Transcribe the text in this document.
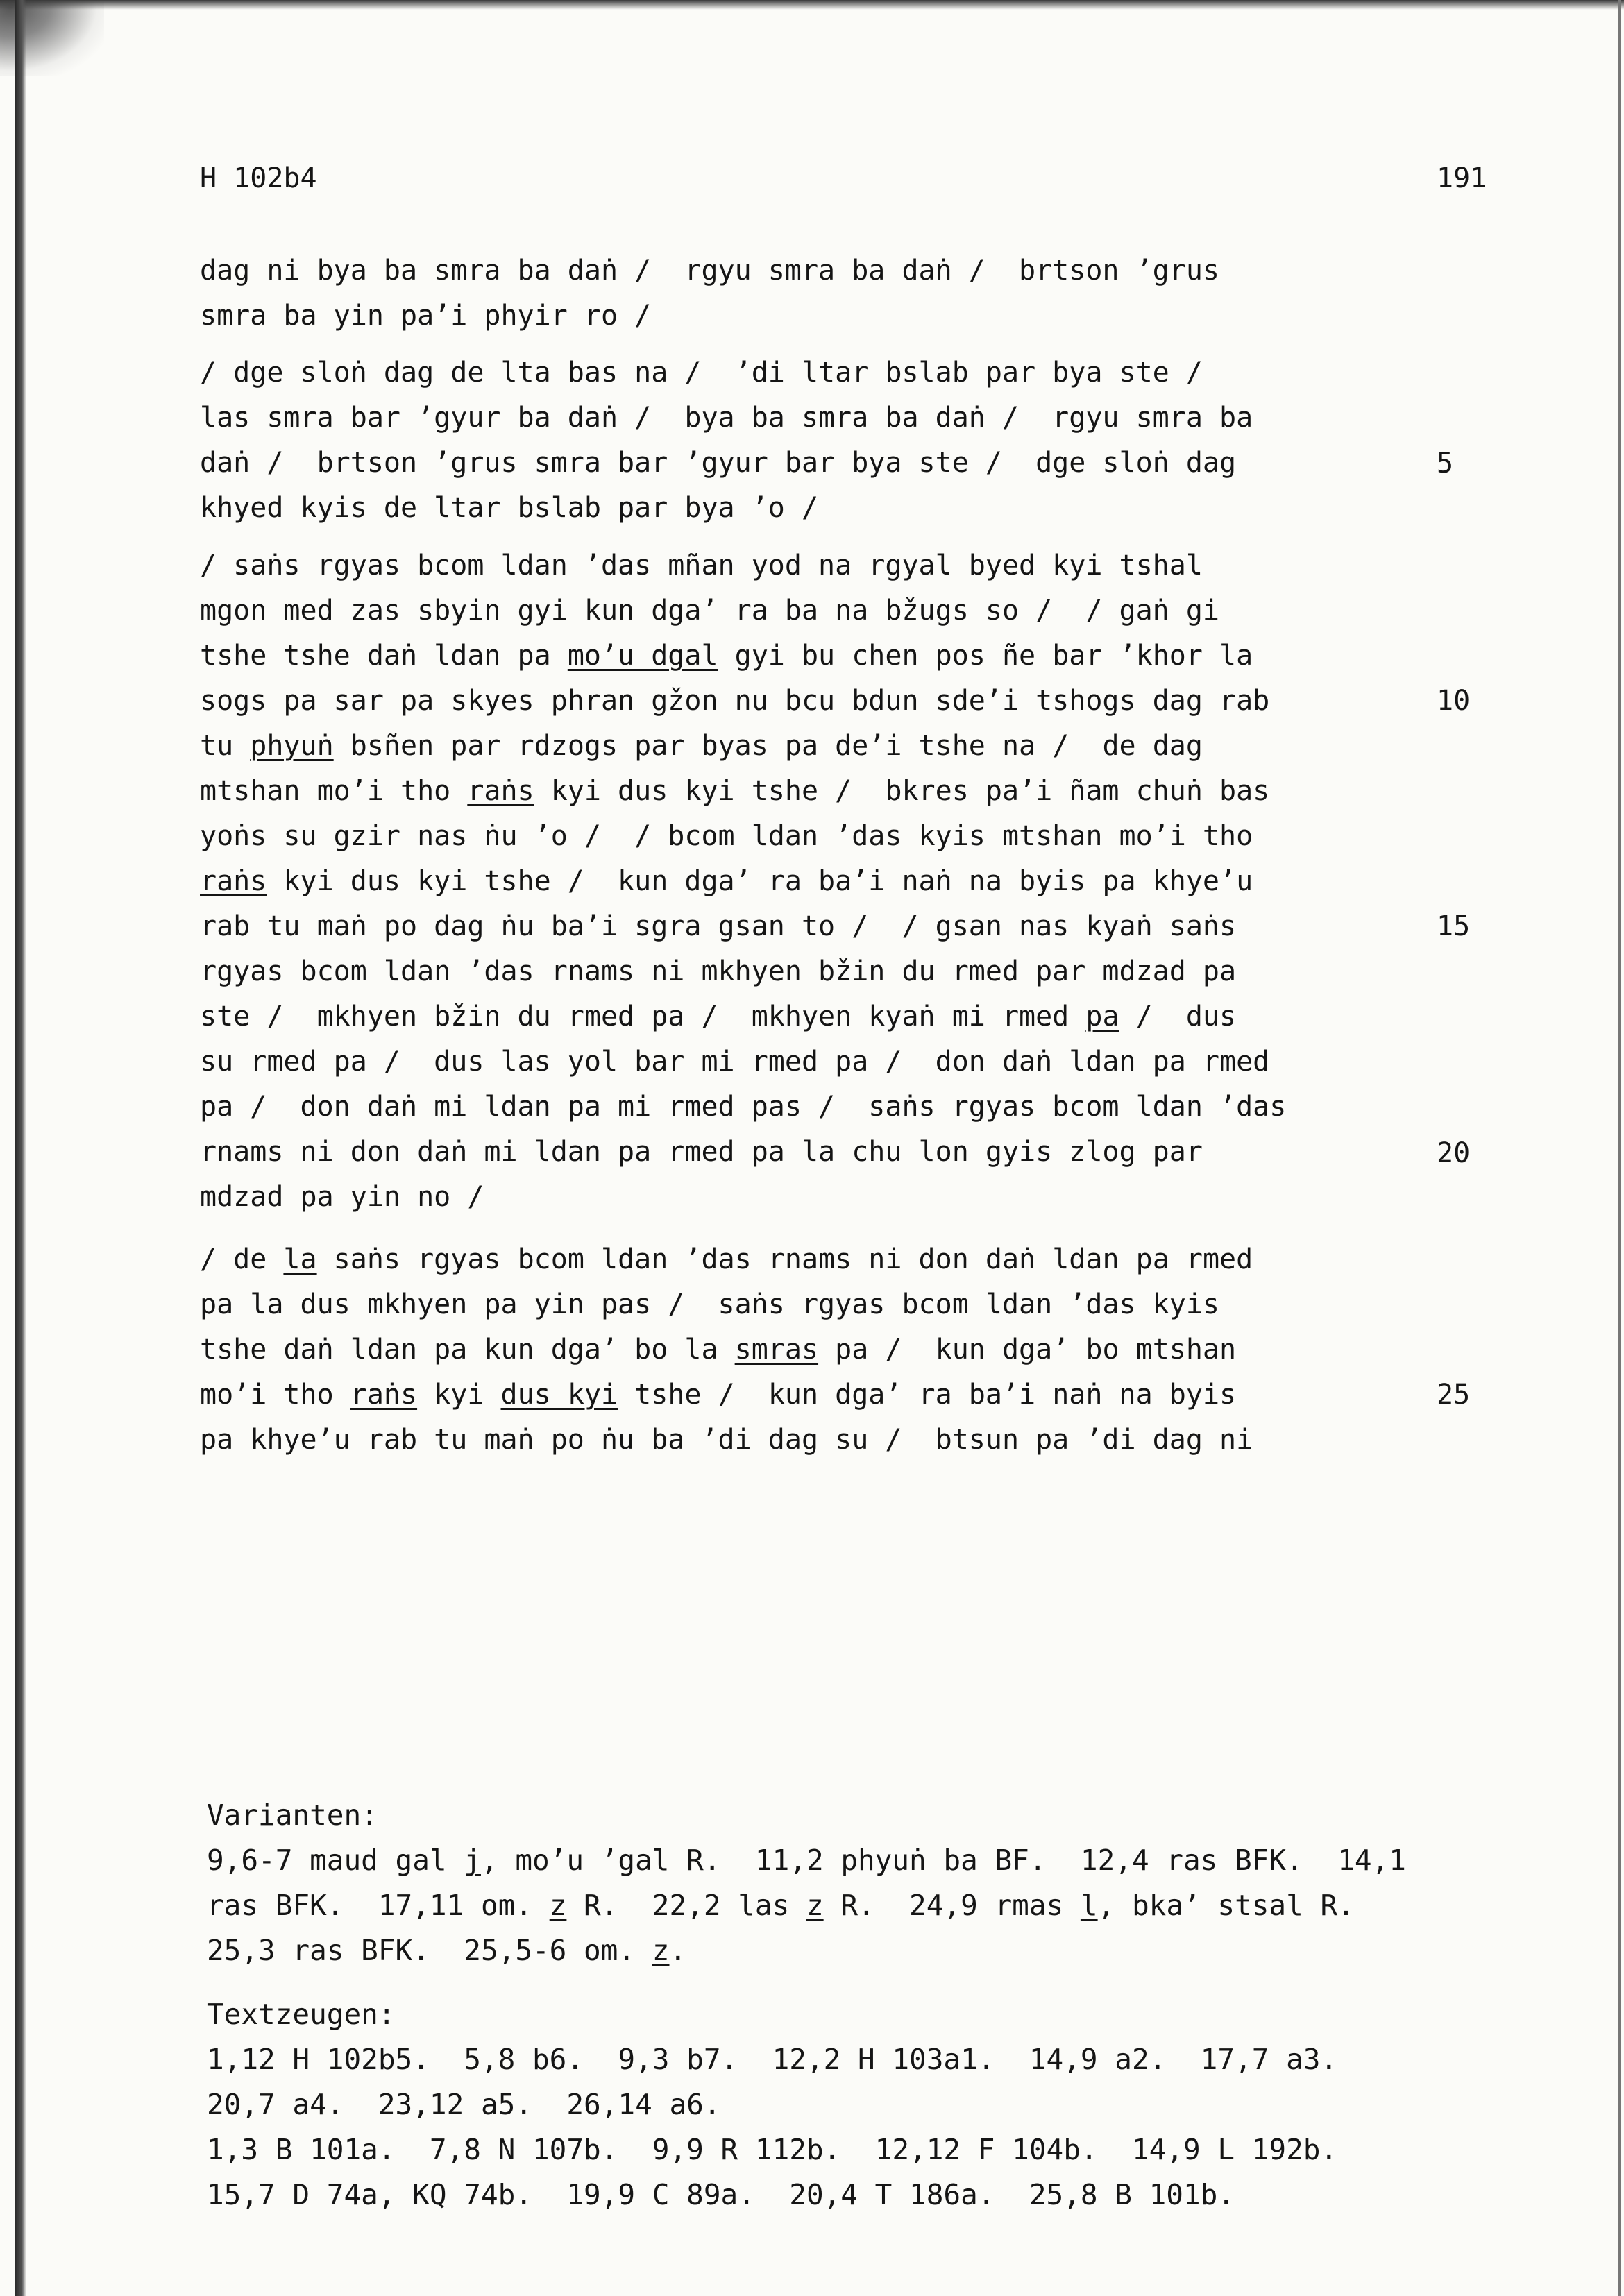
H 102b4	191
dag ni bya ba smra ba daṅ /  rgyu smra ba daṅ /  brtson ’grus
smra ba yin pa’i phyir ro /
/ dge sloṅ dag de lta bas na /  ’di ltar bslab par bya ste /
las smra bar ’gyur ba daṅ /  bya ba smra ba daṅ /  rgyu smra ba
daṅ /  brtson ’grus smra bar ’gyur bar bya ste /  dge sloṅ dag
khyed kyis de ltar bslab par bya ’o /
/ saṅs rgyas bcom ldan ’das mñan yod na rgyal byed kyi tshal
mgon med zas sbyin gyi kun dga’ ra ba na bžugs so /  / gaṅ gi
tshe tshe daṅ ldan pa mo’u dgal gyi bu chen pos ñe bar ’khor la
sogs pa sar pa skyes phran gžon nu bcu bdun sde’i tshogs dag rab
tu phyuṅ bsñen par rdzogs par byas pa de’i tshe na /  de dag
mtshan mo’i tho raṅs kyi dus kyi tshe /  bkres pa’i ñam chuṅ bas
yoṅs su gzir nas ṅu ’o /  / bcom ldan ’das kyis mtshan mo’i tho
raṅs kyi dus kyi tshe /  kun dga’ ra ba’i naṅ na byis pa khye’u
rab tu maṅ po dag ṅu ba’i sgra gsan to /  / gsan nas kyaṅ saṅs
rgyas bcom ldan ’das rnams ni mkhyen bžin du rmed par mdzad pa
ste /  mkhyen bžin du rmed pa /  mkhyen kyaṅ mi rmed pa /  dus
su rmed pa /  dus las yol bar mi rmed pa /  don daṅ ldan pa rmed
pa /  don daṅ mi ldan pa mi rmed pas /  saṅs rgyas bcom ldan ’das
rnams ni don daṅ mi ldan pa rmed pa la chu lon gyis zlog par
mdzad pa yin no /
/ de la saṅs rgyas bcom ldan ’das rnams ni don daṅ ldan pa rmed
pa la dus mkhyen pa yin pas /  saṅs rgyas bcom ldan ’das kyis
tshe daṅ ldan pa kun dga’ bo la smras pa /  kun dga’ bo mtshan
mo’i tho raṅs kyi dus kyi tshe /  kun dga’ ra ba’i naṅ na byis
pa khye’u rab tu maṅ po ṅu ba ’di dag su /  btsun pa ’di dag ni
5
10
15
20
25
Varianten:
9,6-7 maud gal j, mo’u ’gal R.  11,2 phyuṅ ba BF.  12,4 ras BFK.  14,1
ras BFK.  17,11 om. z R.  22,2 las z R.  24,9 rmas l, bka’ stsal R.
25,3 ras BFK.  25,5-6 om. z.
Textzeugen:
1,12 H 102b5.  5,8 b6.  9,3 b7.  12,2 H 103a1.  14,9 a2.  17,7 a3.
20,7 a4.  23,12 a5.  26,14 a6.
1,3 B 101a.  7,8 N 107b.  9,9 R 112b.  12,12 F 104b.  14,9 L 192b.
15,7 D 74a, KQ 74b.  19,9 C 89a.  20,4 T 186a.  25,8 B 101b.
